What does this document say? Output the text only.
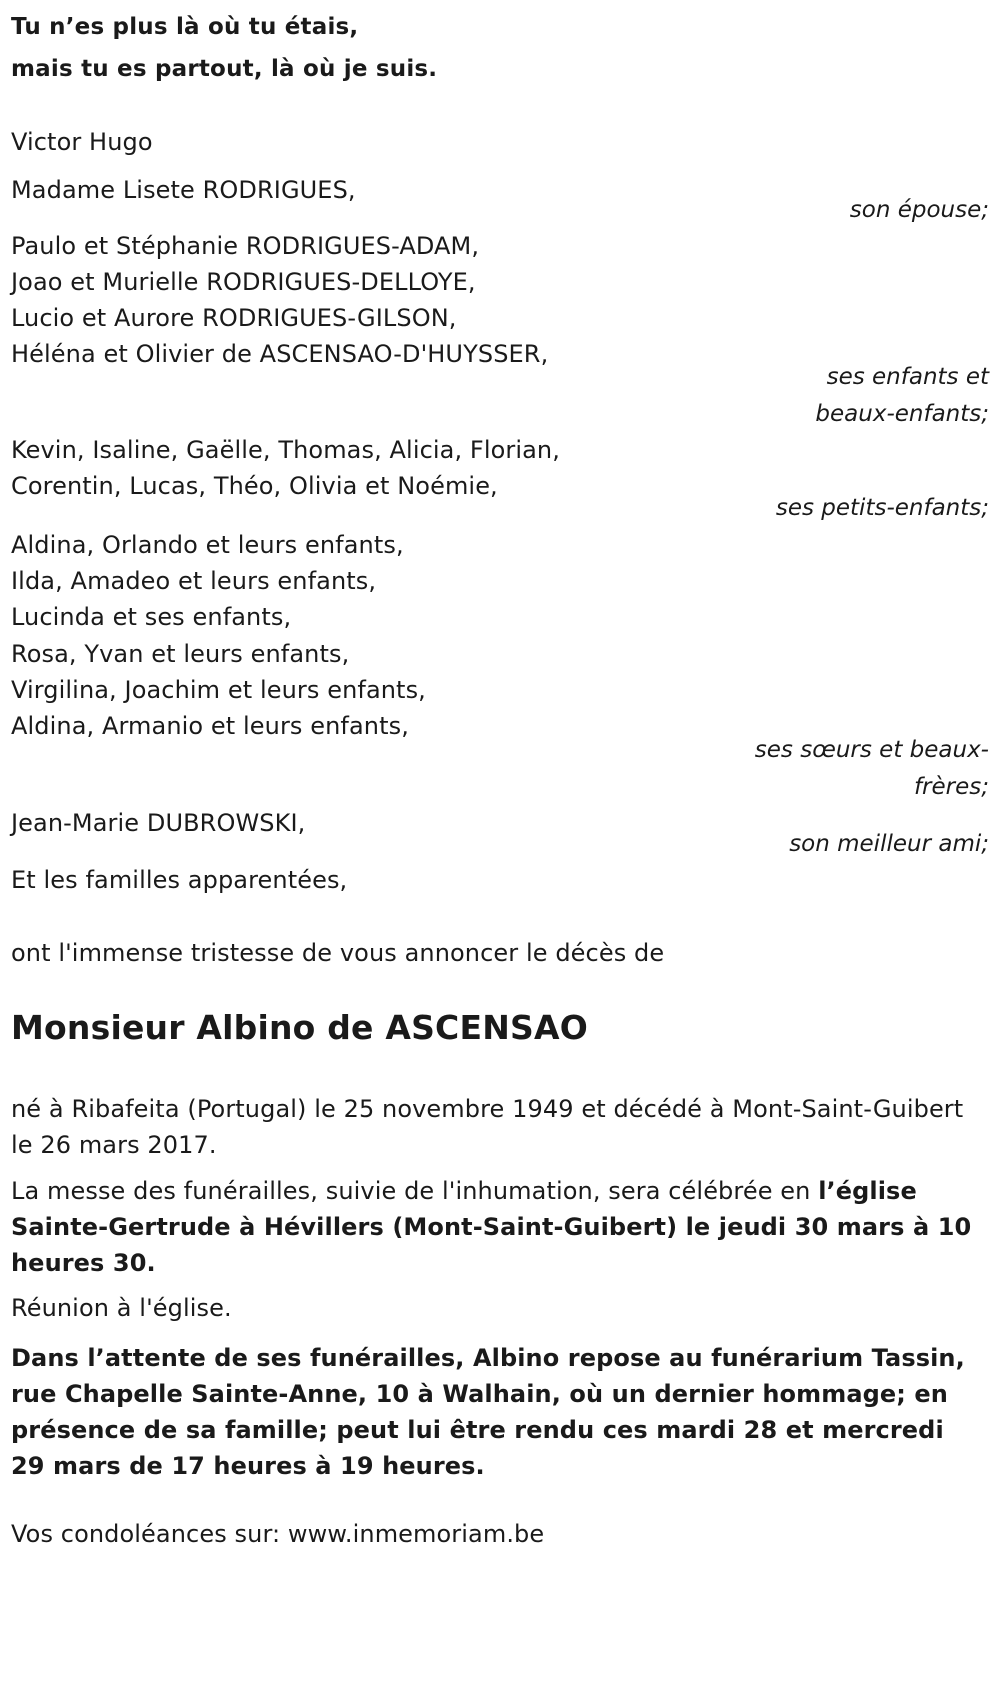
Tu n’es plus là où tu étais,
mais tu es partout, là où je suis.
Victor Hugo
Madame Lisete RODRIGUES,
son épouse;
Paulo et Stéphanie RODRIGUES-ADAM,
Joao et Murielle RODRIGUES-DELLOYE,
Lucio et Aurore RODRIGUES-GILSON,
Héléna et Olivier de ASCENSAO-D'HUYSSER,
ses enfants et
beaux-enfants;
Kevin, Isaline, Gaëlle, Thomas, Alicia, Florian,
Corentin, Lucas, Théo, Olivia et Noémie,
ses petits-enfants;
Aldina, Orlando et leurs enfants,
Ilda, Amadeo et leurs enfants,
Lucinda et ses enfants,
Rosa, Yvan et leurs enfants,
Virgilina, Joachim et leurs enfants,
Aldina, Armanio et leurs enfants,
ses sœurs et beaux-
frères;
Jean-Marie DUBROWSKI,
son meilleur ami;
Et les familles apparentées,
ont l'immense tristesse de vous annoncer le décès de
Monsieur Albino de ASCENSAO
né à Ribafeita (Portugal) le 25 novembre 1949 et décédé à Mont-Saint-Guibert le 26 mars 2017.
La messe des funérailles, suivie de l'inhumation, sera célébrée en l’église Sainte-Gertrude à Hévillers (Mont-Saint-Guibert) le jeudi 30 mars à 10 heures 30.
Réunion à l'église.
Dans l’attente de ses funérailles, Albino repose au funérarium Tassin, rue Chapelle Sainte-Anne, 10 à Walhain, où un dernier hommage; en présence de sa famille; peut lui être rendu ces mardi 28 et mercredi 29 mars de 17 heures à 19 heures.
Vos condoléances sur: www.inmemoriam.be
